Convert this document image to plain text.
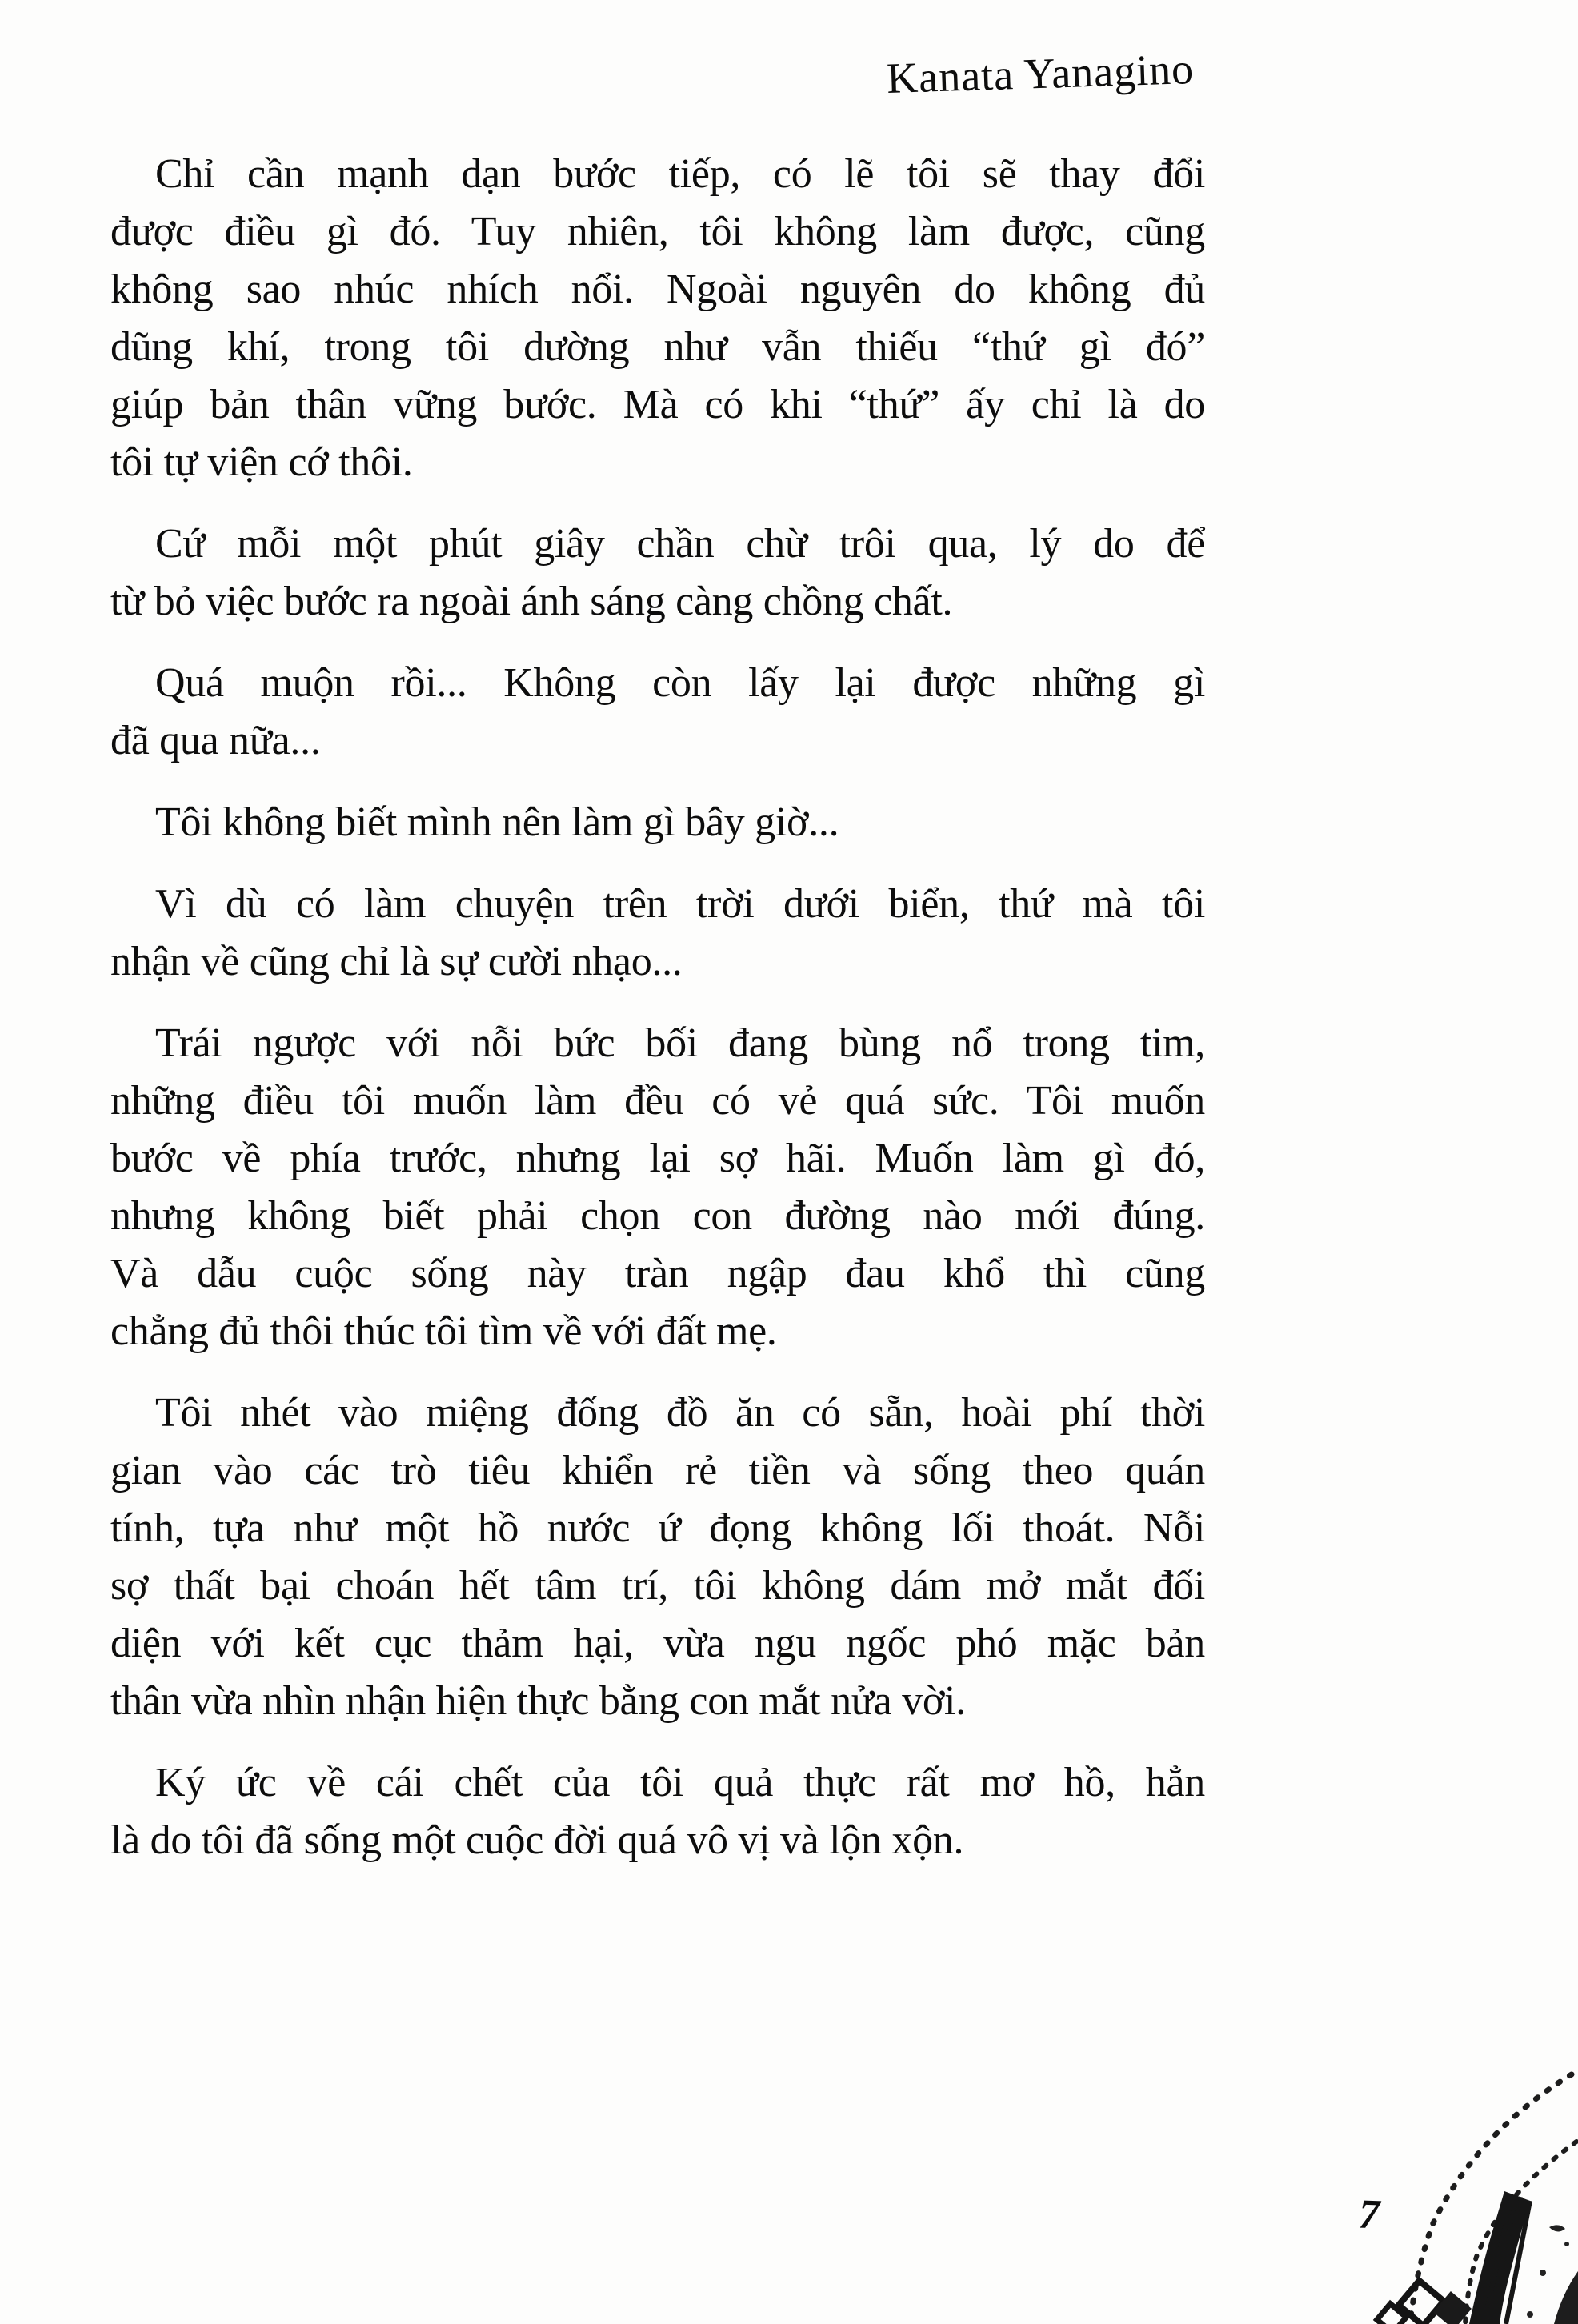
Kanata Yanagino

Chỉ cần mạnh dạn bước tiếp, có lẽ tôi sẽ thay đổi
được điều gì đó. Tuy nhiên, tôi không làm được, cũng
không sao nhúc nhích nổi. Ngoài nguyên do không đủ
dũng khí, trong tôi dường như vẫn thiếu “thứ gì đó”
giúp bản thân vững bước. Mà có khi “thứ” ấy chỉ là do
tôi tự viện cớ thôi.

Cứ mỗi một phút giây chần chừ trôi qua, lý do để
từ bỏ việc bước ra ngoài ánh sáng càng chồng chất.

Quá muộn rồi... Không còn lấy lại được những gì
đã qua nữa...

Tôi không biết mình nên làm gì bây giờ...

Vì dù có làm chuyện trên trời dưới biển, thứ mà tôi
nhận về cũng chỉ là sự cười nhạo...

Trái ngược với nỗi bức bối đang bùng nổ trong tim,
những điều tôi muốn làm đều có vẻ quá sức. Tôi muốn
bước về phía trước, nhưng lại sợ hãi. Muốn làm gì đó,
nhưng không biết phải chọn con đường nào mới đúng.
Và dẫu cuộc sống này tràn ngập đau khổ thì cũng
chẳng đủ thôi thúc tôi tìm về với đất mẹ.

Tôi nhét vào miệng đống đồ ăn có sẵn, hoài phí thời
gian vào các trò tiêu khiển rẻ tiền và sống theo quán
tính, tựa như một hồ nước ứ đọng không lối thoát. Nỗi
sợ thất bại choán hết tâm trí, tôi không dám mở mắt đối
diện với kết cục thảm hại, vừa ngu ngốc phó mặc bản
thân vừa nhìn nhận hiện thực bằng con mắt nửa vời.

Ký ức về cái chết của tôi quả thực rất mơ hồ, hẳn
là do tôi đã sống một cuộc đời quá vô vị và lộn xộn.

7
